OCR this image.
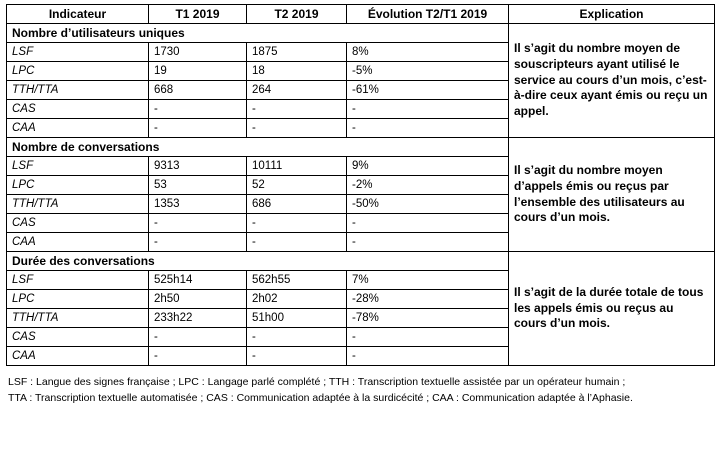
Indicateur	T1 2019	T2 2019	Évolution T2/T1 2019	Explication
Nombre d’utilisateurs uniques				Il s’agit du nombre moyen de souscripteurs ayant utilisé le service au cours d’un mois, c’est-à-dire ceux ayant émis ou reçu un appel.
LSF	1730	1875	8%	
LPC	19	18	-5%	
TTH/TTA	668	264	-61%	
CAS	-	-	-	
CAA	-	-	-	
Nombre de conversations				Il s’agit du nombre moyen d’appels émis ou reçus par l’ensemble des utilisateurs au cours d’un mois.
LSF	9313	10111	9%	
LPC	53	52	-2%	
TTH/TTA	1353	686	-50%	
CAS	-	-	-	
CAA	-	-	-	
Durée des conversations				Il s’agit de la durée totale de tous les appels émis ou reçus au cours d’un mois.
LSF	525h14	562h55	7%	
LPC	2h50	2h02	-28%	
TTH/TTA	233h22	51h00	-78%	
CAS	-	-	-	
CAA	-	-	-	
LSF : Langue des signes française ; LPC : Langage parlé complété ; TTH : Transcription textuelle assistée par un opérateur humain ;
TTA : Transcription textuelle automatisée ; CAS : Communication adaptée à la surdicécité ; CAA : Communication adaptée à l’Aphasie.
